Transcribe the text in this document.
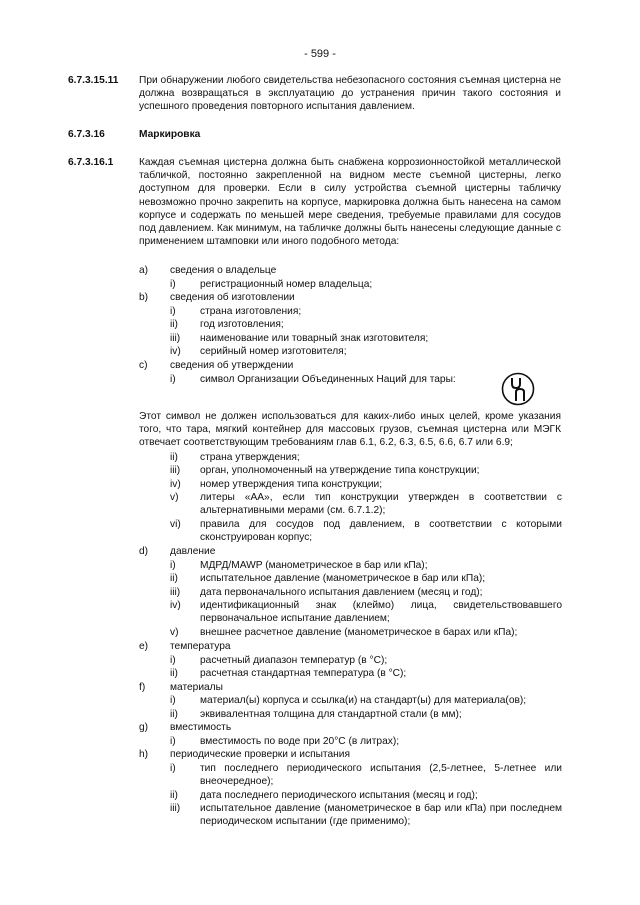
- 599 -
6.7.3.15.11 При обнаружении любого свидетельства небезопасного состояния съемная цистерна не должна возвращаться в эксплуатацию до устранения причин такого состояния и успешного проведения повторного испытания давлением.
6.7.3.16	Маркировка
6.7.3.16.1	Каждая съемная цистерна должна быть снабжена коррозионностойкой металлической табличкой, постоянно закрепленной на видном месте съемной цистерны, легко доступном для проверки. Если в силу устройства съемной цистерны табличку невозможно прочно закрепить на корпусе, маркировка должна быть нанесена на самом корпусе и содержать по меньшей мере сведения, требуемые правилами для сосудов под давлением. Как минимум, на табличке должны быть нанесены следующие данные с применением штамповки или иного подобного метода:
a) сведения о владельце
i)	регистрационный номер владельца;
b) сведения об изготовлении
i)	страна изготовления;
ii)	год изготовления;
iii)	наименование или товарный знак изготовителя;
iv)	серийный номер изготовителя;
c) сведения об утверждении
i)	символ Организации Объединенных Наций для тары:
Этот символ не должен использоваться для каких-либо иных целей, кроме указания того, что тара, мягкий контейнер для массовых грузов, съемная цистерна или МЭГК отвечает соответствующим требованиям глав 6.1, 6.2, 6.3, 6.5, 6.6, 6.7 или 6.9;
ii)	страна утверждения;
iii)	орган, уполномоченный на утверждение типа конструкции;
iv)	номер утверждения типа конструкции;
v)	литеры «АА», если тип конструкции утвержден в соответствии с альтернативными мерами (см. 6.7.1.2);
vi)	правила для сосудов под давлением, в соответствии с которыми сконструирован корпус;
d) давление
i)	МДРД/MAWP (манометрическое в бар или кПа);
ii)	испытательное давление (манометрическое в бар или кПа);
iii)	дата первоначального испытания давлением (месяц и год);
iv)	идентификационный знак (клеймо) лица, свидетельствовавшего первоначальное испытание давлением;
v)	внешнее расчетное давление (манометрическое в барах или кПа);
e) температура
i)	расчетный диапазон температур (в °С);
ii)	расчетная стандартная температура (в °С);
f) материалы
i)	материал(ы) корпуса и ссылка(и) на стандарт(ы) для материала(ов);
ii)	эквивалентная толщина для стандартной стали (в мм);
g) вместимость
i)	вместимость по воде при 20°С (в литрах);
h) периодические проверки и испытания
i)	тип последнего периодического испытания (2,5-летнее, 5-летнее или внеочередное);
ii)	дата последнего периодического испытания (месяц и год);
iii)	испытательное давление (манометрическое в бар или кПа) при последнем периодическом испытании (где применимо);
